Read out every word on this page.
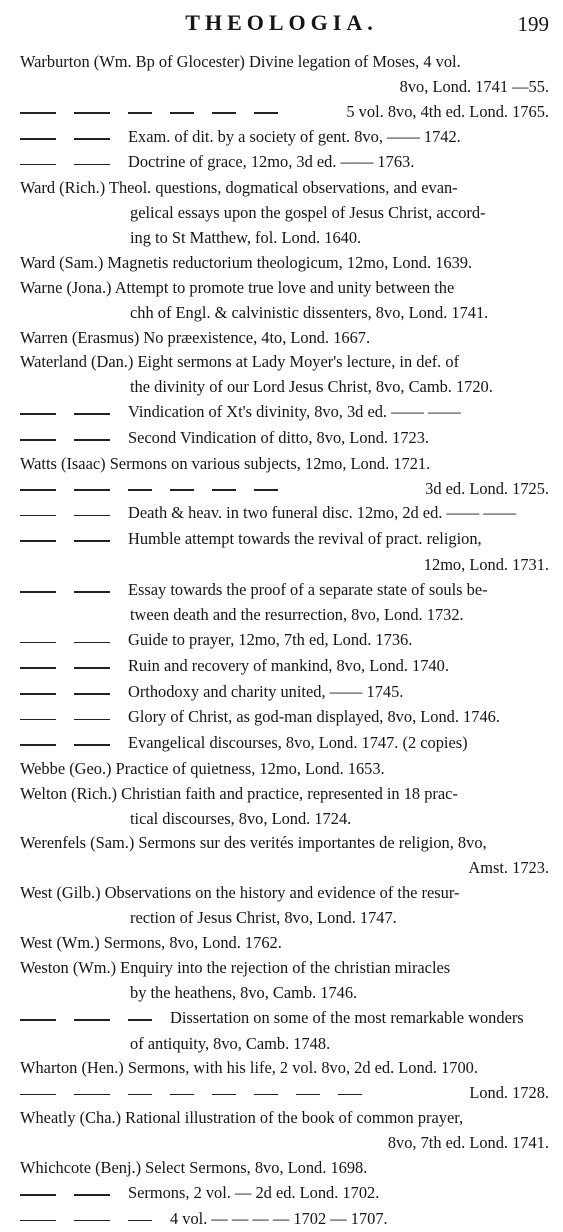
THEOLOGIA.	199
Warburton (Wm. Bp of Glocester) Divine legation of Moses, 4 vol.
8vo, Lond. 1741 —55.
5 vol. 8vo, 4th ed. Lond. 1765.
Exam. of dit. by a society of gent. 8vo, —— 1742.
Doctrine of grace, 12mo, 3d ed. —— 1763.
Ward (Rich.) Theol. questions, dogmatical observations, and evan-
gelical essays upon the gospel of Jesus Christ, accord-
ing to St Matthew, fol. Lond. 1640.
Ward (Sam.) Magnetis reductorium theologicum, 12mo, Lond. 1639.
Warne (Jona.) Attempt to promote true love and unity between the
chh of Engl. & calvinistic dissenters, 8vo, Lond. 1741.
Warren (Erasmus) No præexistence, 4to, Lond. 1667.
Waterland (Dan.) Eight sermons at Lady Moyer's lecture, in def. of
the divinity of our Lord Jesus Christ, 8vo, Camb. 1720.
Vindication of Xt's divinity, 8vo, 3d ed. —— ——
Second Vindication of ditto, 8vo, Lond. 1723.
Watts (Isaac) Sermons on various subjects, 12mo, Lond. 1721.
3d ed. Lond. 1725.
Death & heav. in two funeral disc. 12mo, 2d ed. —— ——
Humble attempt towards the revival of pract. religion,
12mo, Lond. 1731.
Essay towards the proof of a separate state of souls be-
tween death and the resurrection, 8vo, Lond. 1732.
Guide to prayer, 12mo, 7th ed, Lond. 1736.
Ruin and recovery of mankind, 8vo, Lond. 1740.
Orthodoxy and charity united, —— 1745.
Glory of Christ, as god-man displayed, 8vo, Lond. 1746.
Evangelical discourses, 8vo, Lond. 1747. (2 copies)
Webbe (Geo.) Practice of quietness, 12mo, Lond. 1653.
Welton (Rich.) Christian faith and practice, represented in 18 prac-
tical discourses, 8vo, Lond. 1724.
Werenfels (Sam.) Sermons sur des verités importantes de religion, 8vo,
Amst. 1723.
West (Gilb.) Observations on the history and evidence of the resur-
rection of Jesus Christ, 8vo, Lond. 1747.
West (Wm.) Sermons, 8vo, Lond. 1762.
Weston (Wm.) Enquiry into the rejection of the christian miracles
by the heathens, 8vo, Camb. 1746.
Dissertation on some of the most remarkable wonders
of antiquity, 8vo, Camb. 1748.
Wharton (Hen.) Sermons, with his life, 2 vol. 8vo, 2d ed. Lond. 1700.
Lond. 1728.
Wheatly (Cha.) Rational illustration of the book of common prayer,
8vo, 7th ed. Lond. 1741.
Whichcote (Benj.) Select Sermons, 8vo, Lond. 1698.
Sermons, 2 vol. — 2d ed. Lond. 1702.
4 vol. — — — — 1702 — 1707.
